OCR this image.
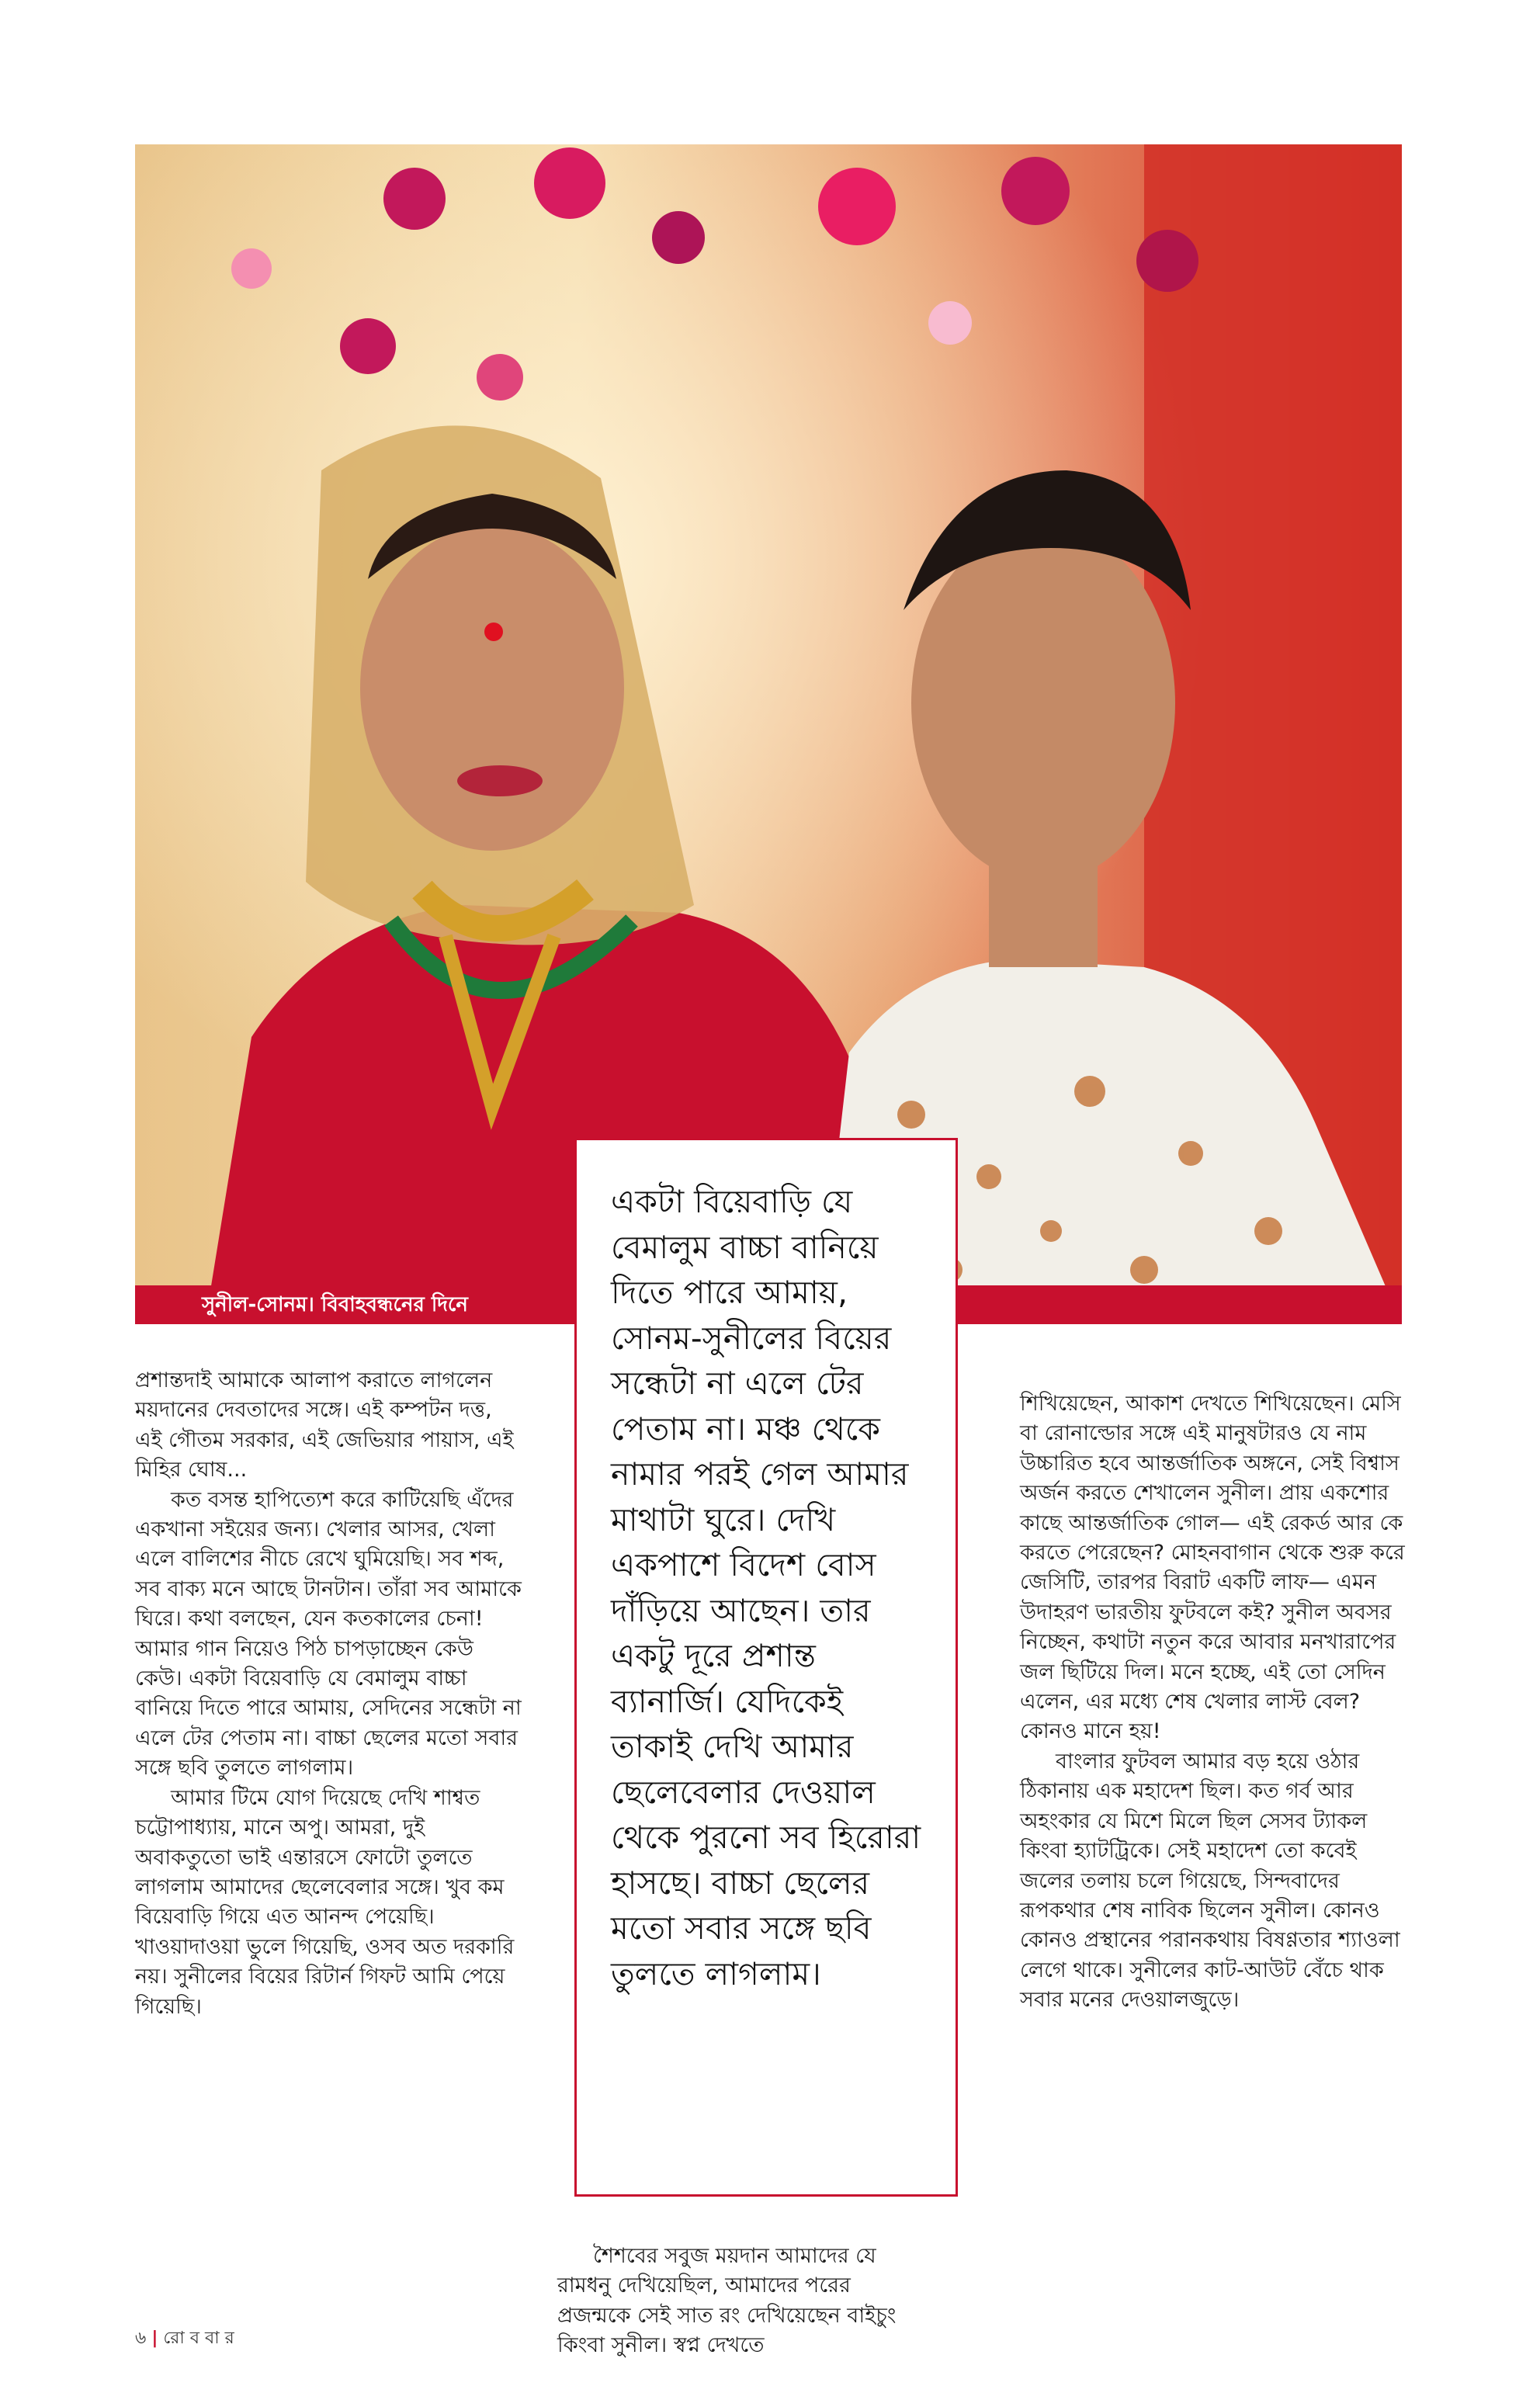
সুনীল-সোনম। বিবাহবন্ধনের দিনে

একটা বিয়েবাড়ি যে বেমালুম বাচ্চা বানিয়ে দিতে পারে আমায়, সোনম-সুনীলের বিয়ের সন্ধেটা না এলে টের পেতাম না। মঞ্চ থেকে নামার পরই গেল আমার মাথাটা ঘুরে। দেখি একপাশে বিদেশ বোস দাঁড়িয়ে আছেন। তার একটু দূরে প্রশান্ত ব্যানার্জি। যেদিকেই তাকাই দেখি আমার ছেলেবেলার দেওয়াল থেকে পুরনো সব হিরোরা হাসছে। বাচ্চা ছেলের মতো সবার সঙ্গে ছবি তুলতে লাগলাম।

প্রশান্তদাই আমাকে আলাপ করাতে লাগলেন ময়দানের দেবতাদের সঙ্গে। এই কম্পটন দত্ত, এই গৌতম সরকার, এই জেভিয়ার পায়াস, এই মিহির ঘোষ...

কত বসন্ত হাপিত্যেশ করে কাটিয়েছি এঁদের একখানা সইয়ের জন্য। খেলার আসর, খেলা এলে বালিশের নীচে রেখে ঘুমিয়েছি। সব শব্দ, সব বাক্য মনে আছে টানটান। তাঁরা সব আমাকে ঘিরে। কথা বলছেন, যেন কতকালের চেনা! আমার গান নিয়েও পিঠ চাপড়াচ্ছেন কেউ কেউ। একটা বিয়েবাড়ি যে বেমালুম বাচ্চা বানিয়ে দিতে পারে আমায়, সেদিনের সন্ধেটা না এলে টের পেতাম না। বাচ্চা ছেলের মতো সবার সঙ্গে ছবি তুলতে লাগলাম।

আমার টিমে যোগ দিয়েছে দেখি শাশ্বত চট্টোপাধ্যায়, মানে অপু। আমরা, দুই অবাকতুতো ভাই এন্তারসে ফোটো তুলতে লাগলাম আমাদের ছেলেবেলার সঙ্গে। খুব কম বিয়েবাড়ি গিয়ে এত আনন্দ পেয়েছি। খাওয়াদাওয়া ভুলে গিয়েছি, ওসব অত দরকারি নয়। সুনীলের বিয়ের রিটার্ন গিফট আমি পেয়ে গিয়েছি।

শৈশবের সবুজ ময়দান আমাদের যে রামধনু দেখিয়েছিল, আমাদের পরের প্রজন্মকে সেই সাত রং দেখিয়েছেন বাইচুং কিংবা সুনীল। স্বপ্ন দেখতে

শিখিয়েছেন, আকাশ দেখতে শিখিয়েছেন। মেসি বা রোনাল্ডোর সঙ্গে এই মানুষটারও যে নাম উচ্চারিত হবে আন্তর্জাতিক অঙ্গনে, সেই বিশ্বাস অর্জন করতে শেখালেন সুনীল। প্রায় একশোর কাছে আন্তর্জাতিক গোল— এই রেকর্ড আর কে করতে পেরেছেন? মোহনবাগান থেকে শুরু করে জেসিটি, তারপর বিরাট একটি লাফ— এমন উদাহরণ ভারতীয় ফুটবলে কই? সুনীল অবসর নিচ্ছেন, কথাটা নতুন করে আবার মনখারাপের জল ছিটিয়ে দিল। মনে হচ্ছে, এই তো সেদিন এলেন, এর মধ্যে শেষ খেলার লাস্ট বেল? কোনও মানে হয়!

বাংলার ফুটবল আমার বড় হয়ে ওঠার ঠিকানায় এক মহাদেশ ছিল। কত গর্ব আর অহংকার যে মিশে মিলে ছিল সেসব ট্যাকল কিংবা হ্যাটট্রিকে। সেই মহাদেশ তো কবেই জলের তলায় চলে গিয়েছে, সিন্দবাদের রূপকথার শেষ নাবিক ছিলেন সুনীল। কোনও কোনও প্রস্থানের পরানকথায় বিষণ্ণতার শ্যাওলা লেগে থাকে। সুনীলের কাট-আউট বেঁচে থাক সবার মনের দেওয়ালজুড়ে।

৬ | রো ব বা র
